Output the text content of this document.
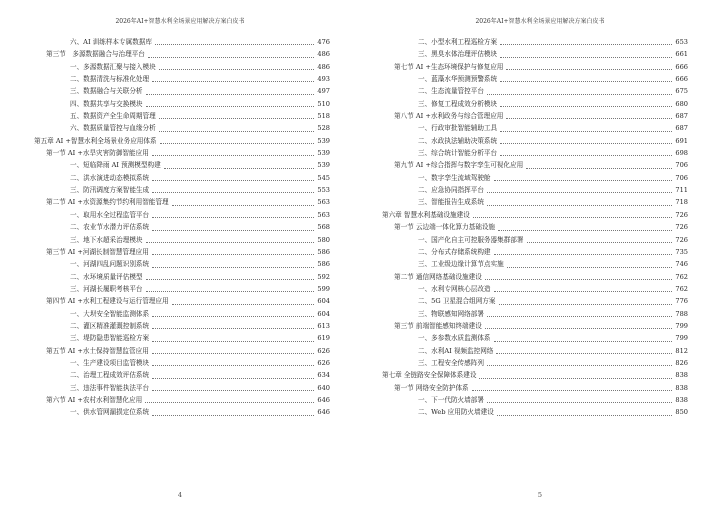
2026年AI+智慧水利全场景应用解决方案白皮书
六、AI 训练样本专属数据库	476
第三节　多源数据融合与治理平台	486
一、多源数据汇聚与接入模块	486
二、数据清洗与标准化处理	493
三、数据融合与关联分析	497
四、数据共享与交换模块	510
五、数据资产全生命周期管理	518
六、数据质量管控与血缘分析	528
第五章 AI +智慧水利全场景业务应用体系	539
第一节 AI +水旱灾害防御智能应用	539
一、短临降雨 AI 预测模型构建	539
二、洪水演进动态模拟系统	545
三、防汛调度方案智能生成	553
第二节 AI +水资源集约节约利用智能管理	563
一、取用水全过程监管平台	563
二、农业节水潜力评估系统	568
三、地下水超采治理模块	580
第三节 AI +河湖长制智慧管理应用	586
一、河湖四乱问题识别系统	586
二、水环境质量评估模型	592
三、河湖长履职考核平台	599
第四节 AI +水利工程建设与运行管理应用	604
一、大坝安全智能监测体系	604
二、灌区精准灌溉控制系统	613
三、堤防隐患智能巡检方案	619
第五节 AI +水土保持智慧监管应用	626
一、生产建设项目监管模块	626
二、治理工程成效评估系统	634
三、违法事件智能执法平台	640
第六节 AI +农村水利智慧化应用	646
一、供水管网漏损定位系统	646
4
2026年AI+智慧水利全场景应用解决方案白皮书
二、小型水利工程巡检方案	653
三、黑臭水体治理评估模块	661
第七节 AI +生态环境保护与修复应用	666
一、蓝藻水华预测预警系统	666
二、生态流量管控平台	675
三、修复工程成效分析模块	680
第八节 AI +水利政务与综合管理应用	687
一、行政审批智能辅助工具	687
二、水政执法辅助决策系统	691
三、综合统计智能分析平台	698
第九节 AI +综合指挥与数字孪生可视化应用	706
一、数字孪生流域驾驶舱	706
二、应急协同指挥平台	711
三、智能报告生成系统	718
第六章 智慧水利基础设施建设	726
第一节 云边端一体化算力基础设施	726
一、国产化自主可控服务器集群部署	726
二、分布式存储系统构建	735
三、工业级边缘计算节点实施	746
第二节 通信网络基础设施建设	762
一、水利专网核心层改造	762
二、5G 卫星混合组网方案	776
三、物联感知网络部署	788
第三节 前端智能感知终端建设	799
一、多参数水质监测体系	799
二、水利AI 视频监控网络	812
三、工程安全传感阵列	826
第七章 全链路安全保障体系建设	838
第一节 网络安全防护体系	838
一、下一代防火墙部署	838
二、Web 应用防火墙建设	850
5
